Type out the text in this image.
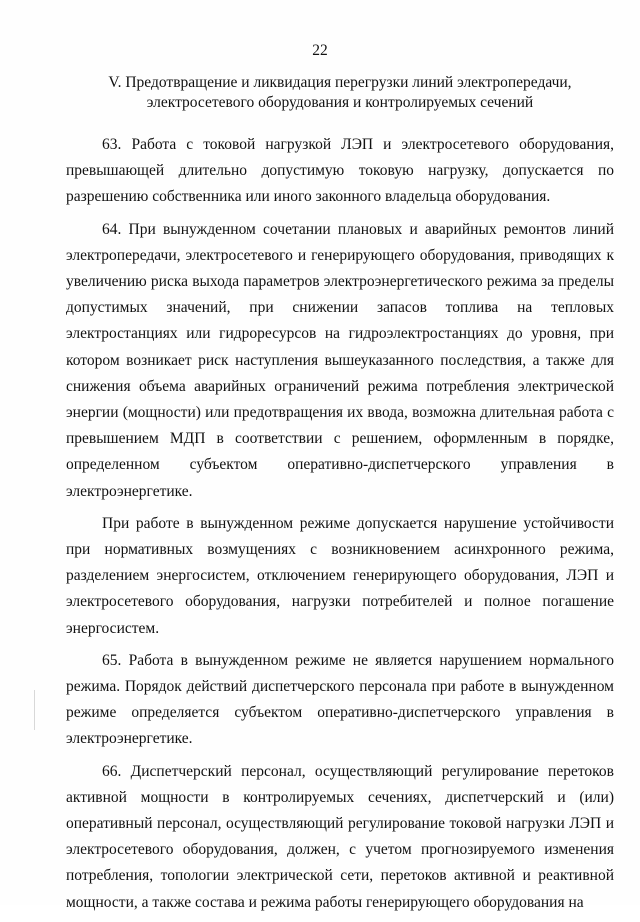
22

V. Предотвращение и ликвидация перегрузки линий электропередачи,
электросетевого оборудования и контролируемых сечений

63. Работа с токовой нагрузкой ЛЭП и электросетевого оборудования, превышающей длительно допустимую токовую нагрузку, допускается по разрешению собственника или иного законного владельца оборудования.

64. При вынужденном сочетании плановых и аварийных ремонтов линий электропередачи, электросетевого и генерирующего оборудования, приводящих к увеличению риска выхода параметров электроэнергетического режима за пределы допустимых значений, при снижении запасов топлива на тепловых электростанциях или гидроресурсов на гидроэлектростанциях до уровня, при котором возникает риск наступления вышеуказанного последствия, а также для снижения объема аварийных ограничений режима потребления электрической энергии (мощности) или предотвращения их ввода, возможна длительная работа с превышением МДП в соответствии с решением, оформленным в порядке, определенном субъектом оперативно-диспетчерского управления в электроэнергетике.

При работе в вынужденном режиме допускается нарушение устойчивости при нормативных возмущениях с возникновением асинхронного режима, разделением энергосистем, отключением генерирующего оборудования, ЛЭП и электросетевого оборудования, нагрузки потребителей и полное погашение энергосистем.

65. Работа в вынужденном режиме не является нарушением нормального режима. Порядок действий диспетчерского персонала при работе в вынужденном режиме определяется субъектом оперативно-диспетчерского управления в электроэнергетике.

66. Диспетчерский персонал, осуществляющий регулирование перетоков активной мощности в контролируемых сечениях, диспетчерский и (или) оперативный персонал, осуществляющий регулирование токовой нагрузки ЛЭП и электросетевого оборудования, должен, с учетом прогнозируемого изменения потребления, топологии электрической сети, перетоков активной и реактивной мощности, а также состава и режима работы генерирующего оборудования на
